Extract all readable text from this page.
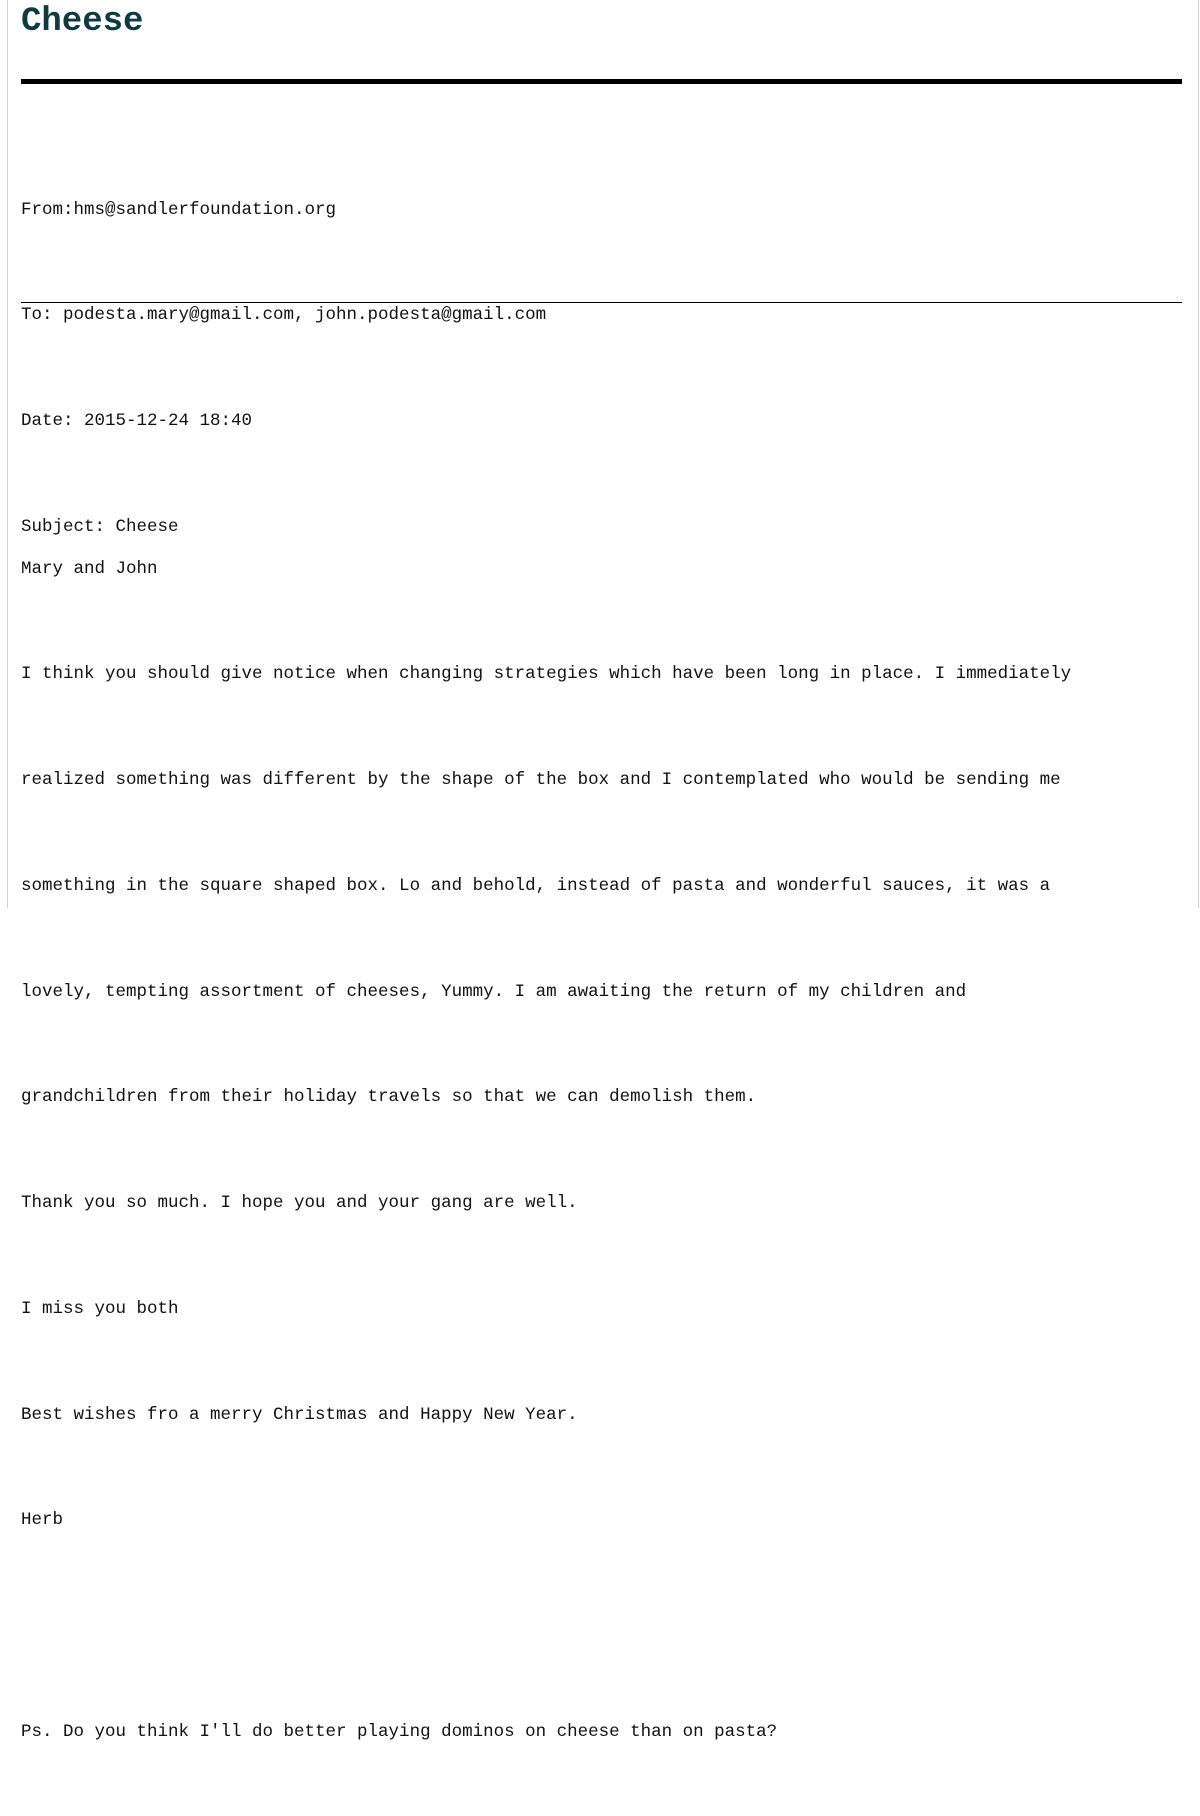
Cheese

From:hms@sandlerfoundation.org

To: podesta.mary@gmail.com, john.podesta@gmail.com

Date: 2015-12-24 18:40

Subject: Cheese

Mary and John

I think you should give notice when changing strategies which have been long in place. I immediately

realized something was different by the shape of the box and I contemplated who would be sending me

something in the square shaped box. Lo and behold, instead of pasta and wonderful sauces, it was a

lovely, tempting assortment of cheeses, Yummy. I am awaiting the return of my children and

grandchildren from their holiday travels so that we can demolish them.

Thank you so much. I hope you and your gang are well.

I miss you both

Best wishes fro a merry Christmas and Happy New Year.

Herb

Ps. Do you think I'll do better playing dominos on cheese than on pasta?
